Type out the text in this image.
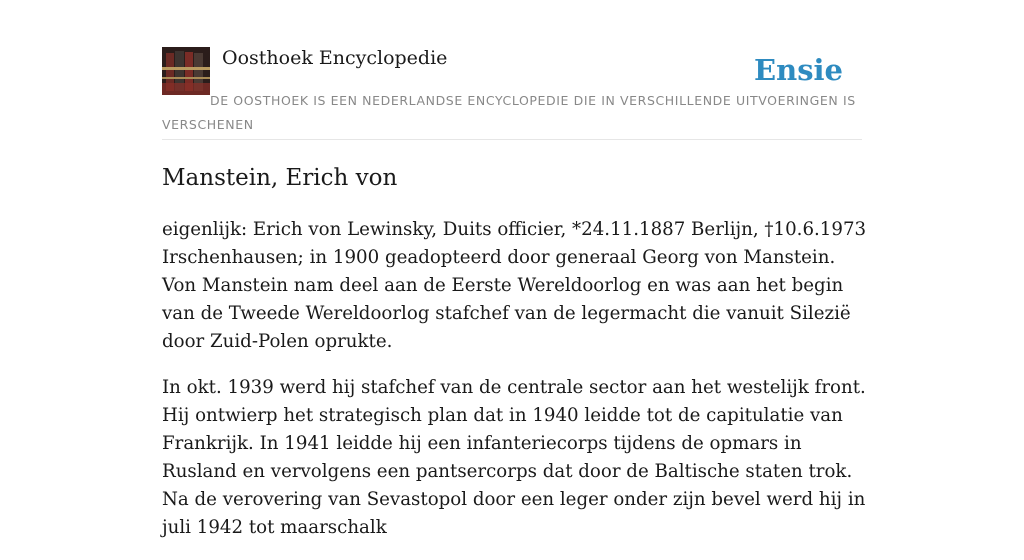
Oosthoek Encyclopedie	Ensie
DE OOSTHOEK IS EEN NEDERLANDSE ENCYCLOPEDIE DIE IN VERSCHILLENDE UITVOERINGEN IS VERSCHENEN
Manstein, Erich von

eigenlijk: Erich von Lewinsky, Duits officier, *24.11.1887 Berlijn, †10.6.1973 Irschenhausen; in 1900 geadopteerd door generaal Georg von Manstein. Von Manstein nam deel aan de Eerste Wereldoorlog en was aan het begin van de Tweede Wereldoorlog stafchef van de legermacht die vanuit Silezië door Zuid-Polen oprukte.

In okt. 1939 werd hij stafchef van de centrale sector aan het westelijk front. Hij ontwierp het strategisch plan dat in 1940 leidde tot de capitulatie van Frankrijk. In 1941 leidde hij een infanteriecorps tijdens de opmars in Rusland en vervolgens een pantsercorps dat door de Baltische staten trok. Na de verovering van Sevastopol door een leger onder zijn bevel werd hij in juli 1942 tot maarschalk
